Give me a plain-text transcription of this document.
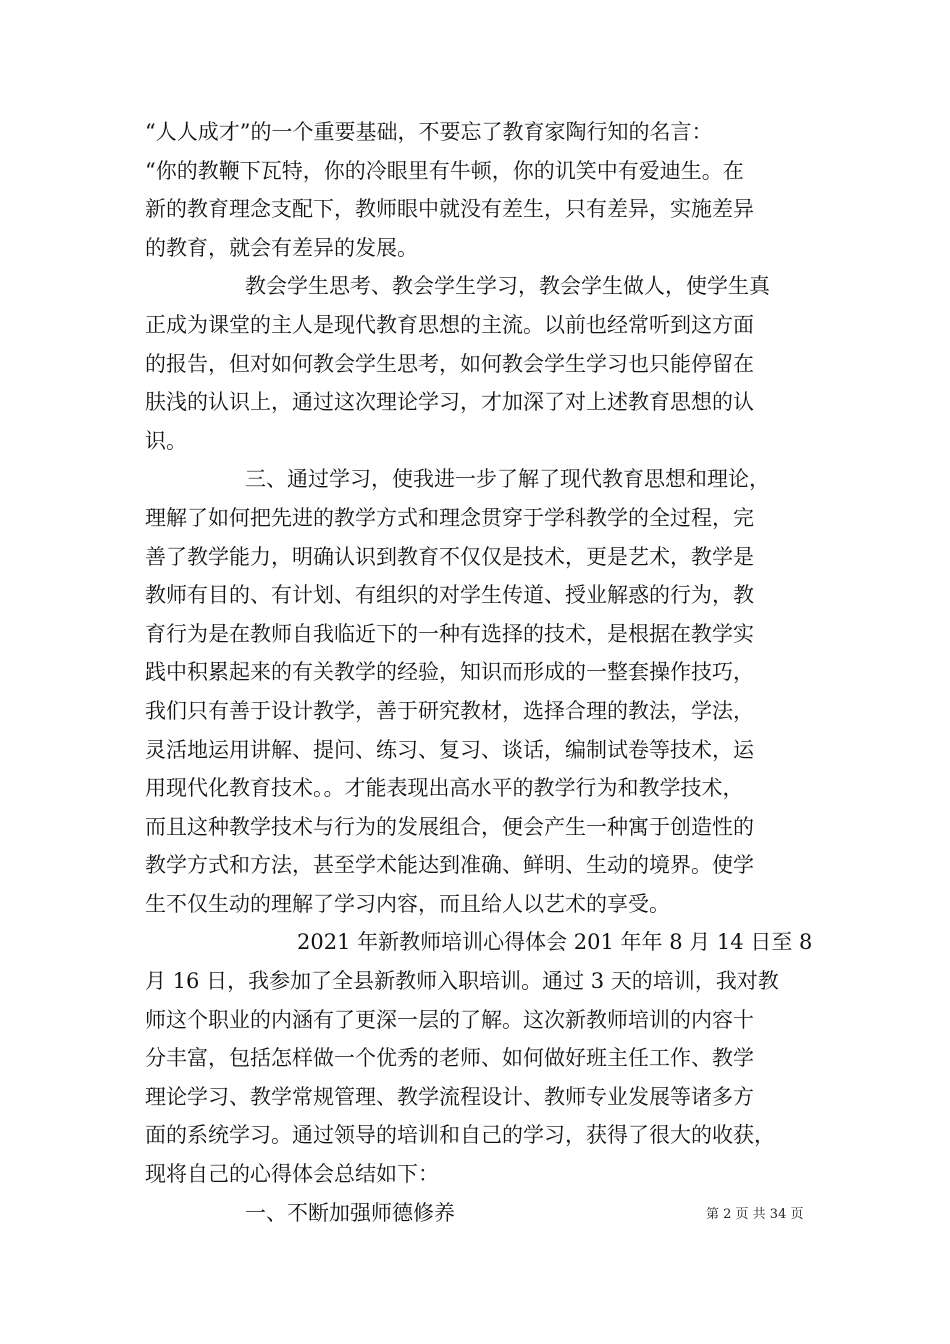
“人人成才”的一个重要基础，不要忘了教育家陶行知的名言：
“你的教鞭下瓦特，你的冷眼里有牛顿，你的讥笑中有爱迪生。在
新的教育理念支配下，教师眼中就没有差生，只有差异，实施差异
的教育，就会有差异的发展。
教会学生思考、教会学生学习，教会学生做人，使学生真
正成为课堂的主人是现代教育思想的主流。以前也经常听到这方面
的报告，但对如何教会学生思考，如何教会学生学习也只能停留在
肤浅的认识上，通过这次理论学习，才加深了对上述教育思想的认
识。
三、通过学习，使我进一步了解了现代教育思想和理论，
理解了如何把先进的教学方式和理念贯穿于学科教学的全过程，完
善了教学能力，明确认识到教育不仅仅是技术，更是艺术，教学是
教师有目的、有计划、有组织的对学生传道、授业解惑的行为，教
育行为是在教师自我临近下的一种有选择的技术，是根据在教学实
践中积累起来的有关教学的经验，知识而形成的一整套操作技巧，
我们只有善于设计教学，善于研究教材，选择合理的教法，学法，
灵活地运用讲解、提问、练习、复习、谈话，编制试卷等技术，运
用现代化教育技术。。才能表现出高水平的教学行为和教学技术，
而且这种教学技术与行为的发展组合，便会产生一种寓于创造性的
教学方式和方法，甚至学术能达到准确、鲜明、生动的境界。使学
生不仅生动的理解了学习内容，而且给人以艺术的享受。
2021 年新教师培训心得体会 201 年年 8 月 14 日至 8
月 16 日，我参加了全县新教师入职培训。通过 3 天的培训，我对教
师这个职业的内涵有了更深一层的了解。这次新教师培训的内容十
分丰富，包括怎样做一个优秀的老师、如何做好班主任工作、教学
理论学习、教学常规管理、教学流程设计、教师专业发展等诸多方
面的系统学习。通过领导的培训和自己的学习，获得了很大的收获，
现将自己的心得体会总结如下：
一、不断加强师德修养	第 2 页 共 34 页
